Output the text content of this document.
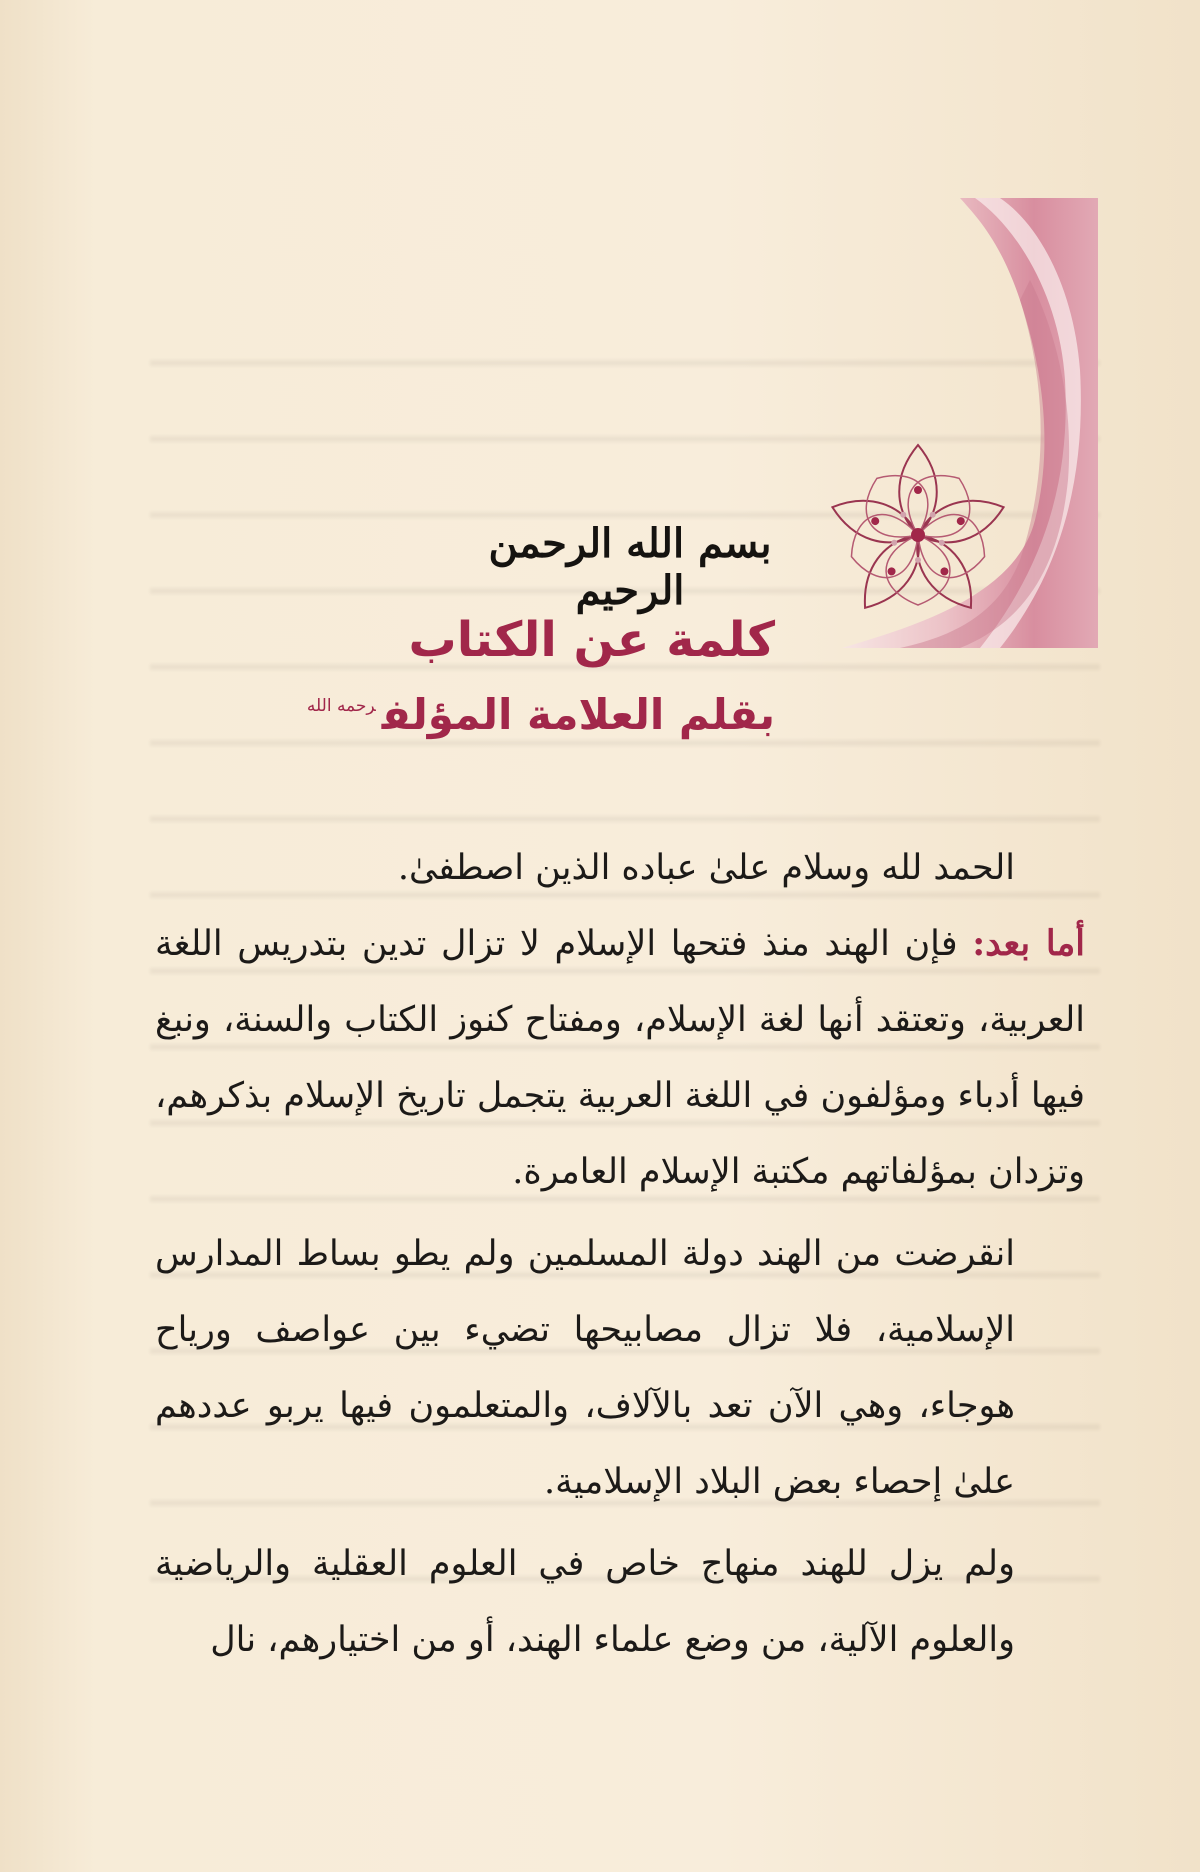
بسم الله الرحمن الرحيم
كلمة عن الكتاب
بقلم العلامة المؤلف$^{رحمه الله}$

الحمد لله وسلام علىٰ عباده الذين اصطفىٰ.

أما بعد: فإن الهند منذ فتحها الإسلام لا تزال تدين بتدريس اللغة العربية، وتعتقد أنها لغة الإسلام، ومفتاح كنوز الكتاب والسنة، ونبغ فيها أدباء ومؤلفون في اللغة العربية يتجمل تاريخ الإسلام بذكرهم، وتزدان بمؤلفاتهم مكتبة الإسلام العامرة.

انقرضت من الهند دولة المسلمين ولم يطو بساط المدارس الإسلامية، فلا تزال مصابيحها تضيء بين عواصف ورياح هوجاء، وهي الآن تعد بالآلاف، والمتعلمون فيها يربو عددهم علىٰ إحصاء بعض البلاد الإسلامية.

ولم يزل للهند منهاج خاص في العلوم العقلية والرياضية والعلوم الآلية، من وضع علماء الهند، أو من اختيارهم، نال
